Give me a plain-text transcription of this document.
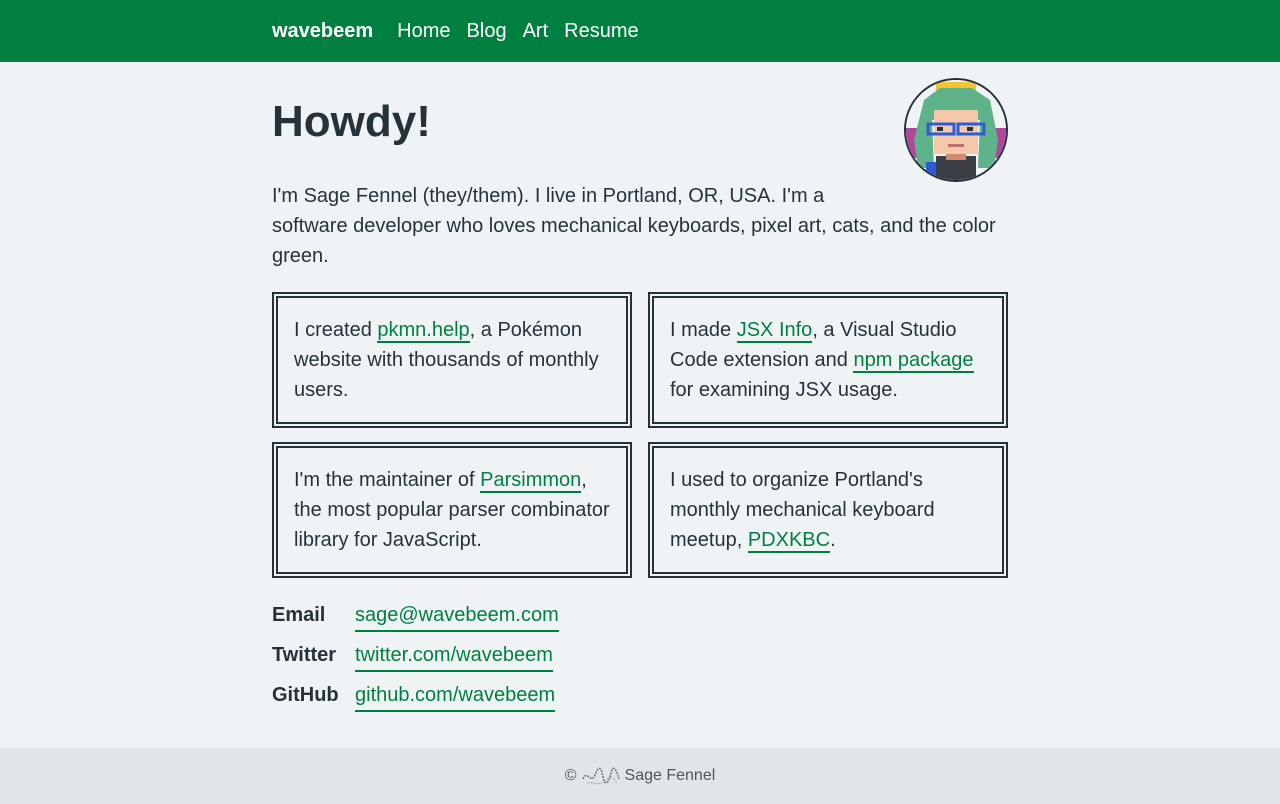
wavebeem Home Blog Art Resume
Howdy!

I'm Sage Fennel (they/them). I live in Portland, OR, USA. I'm a
software developer who loves mechanical keyboards, pixel art, cats, and the color green.

I created pkmn.help, a Pokémon website with thousands of monthly users.
I made JSX Info, a Visual Studio Code extension and npm package for examining JSX usage.
I'm the maintainer of Parsimmon, the most popular parser combinator library for JavaScript.
I used to organize Portland's monthly mechanical keyboard meetup, PDXKBC.
Email	sage@wavebeem.com
Twitter twitter.com/wavebeem
GitHub github.com/wavebeem
©	Sage Fennel
